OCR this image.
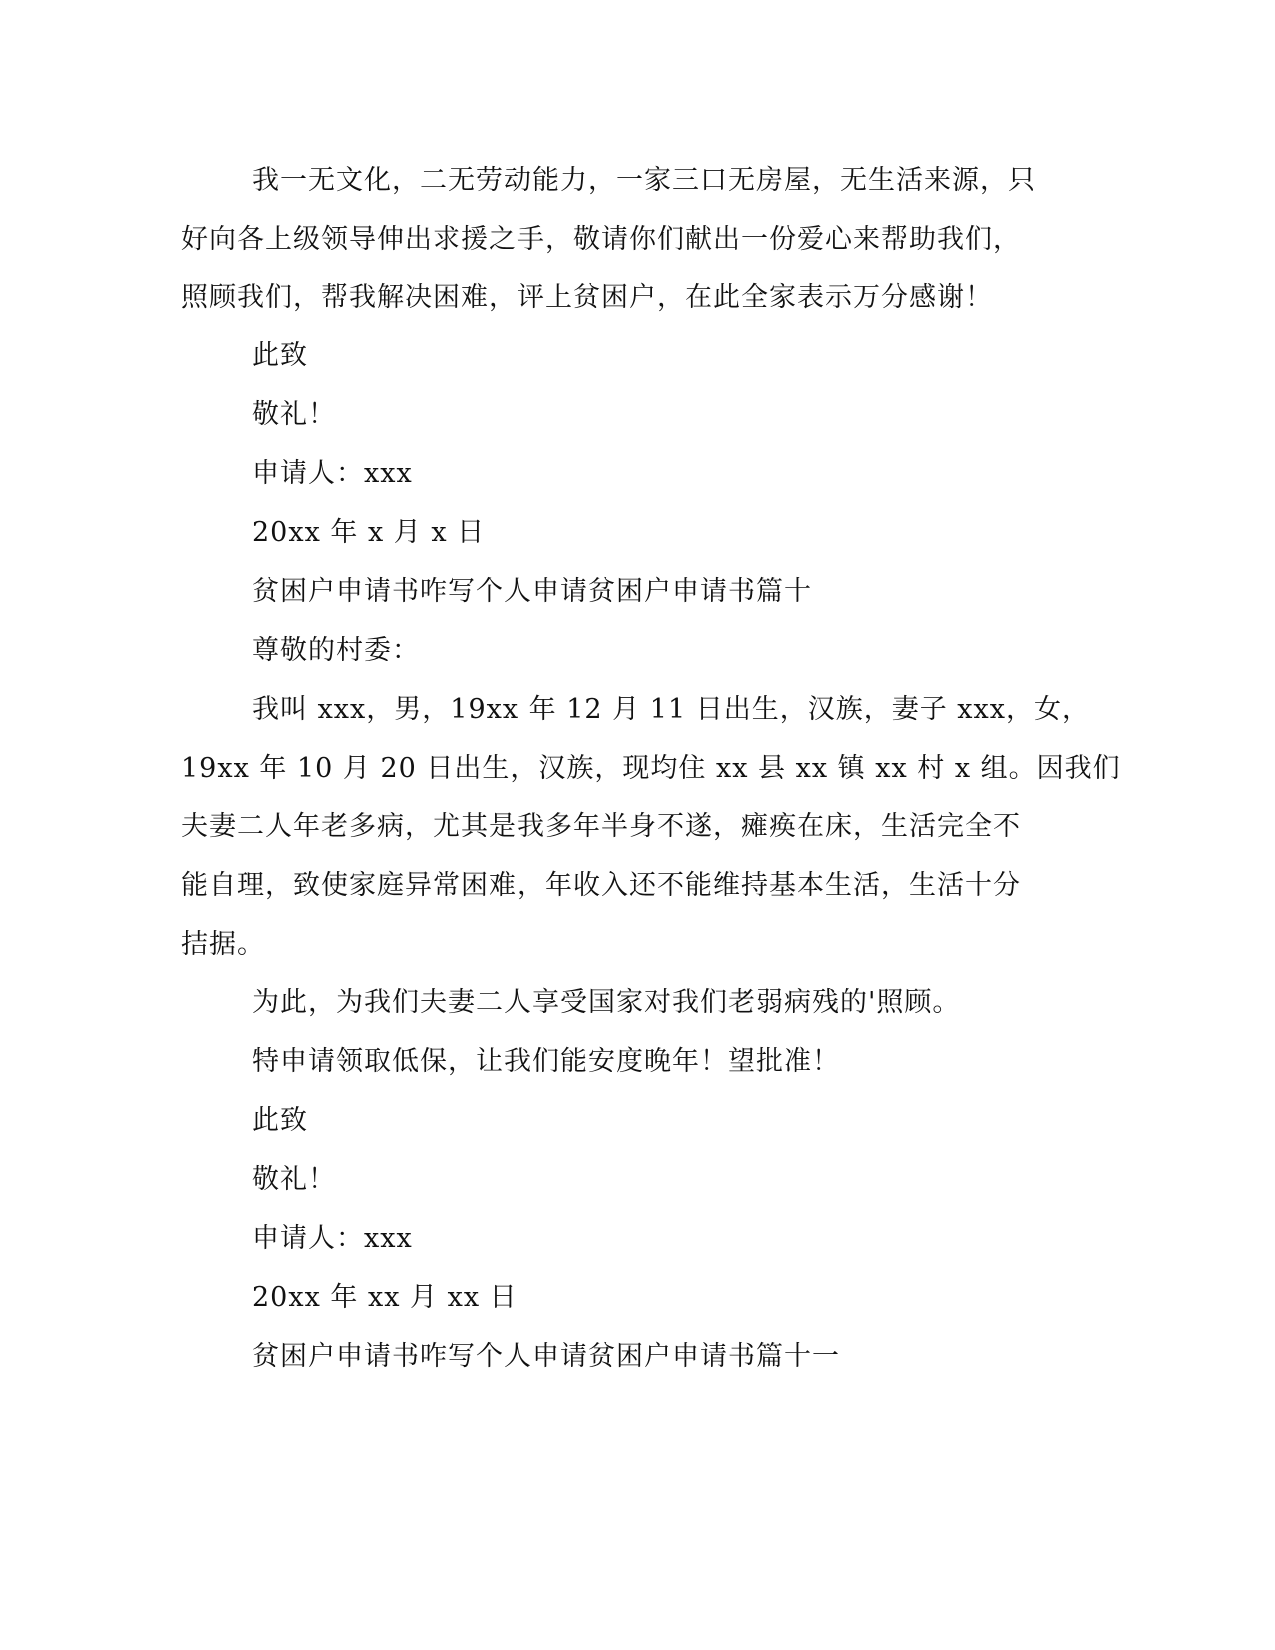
我一无文化，二无劳动能力，一家三口无房屋，无生活来源，只
好向各上级领导伸出求援之手，敬请你们献出一份爱心来帮助我们，
照顾我们，帮我解决困难，评上贫困户，在此全家表示万分感谢！
此致
敬礼！
申请人：xxx
20xx 年 x 月 x 日
贫困户申请书咋写个人申请贫困户申请书篇十
尊敬的村委：
我叫 xxx，男，19xx 年 12 月 11 日出生，汉族，妻子 xxx，女，
19xx 年 10 月 20 日出生，汉族，现均住 xx 县 xx 镇 xx 村 x 组。因我们
夫妻二人年老多病，尤其是我多年半身不遂，瘫痪在床，生活完全不
能自理，致使家庭异常困难，年收入还不能维持基本生活，生活十分
拮据。
为此，为我们夫妻二人享受国家对我们老弱病残的'照顾。
特申请领取低保，让我们能安度晚年！望批准！
此致
敬礼！
申请人：xxx
20xx 年 xx 月 xx 日
贫困户申请书咋写个人申请贫困户申请书篇十一
